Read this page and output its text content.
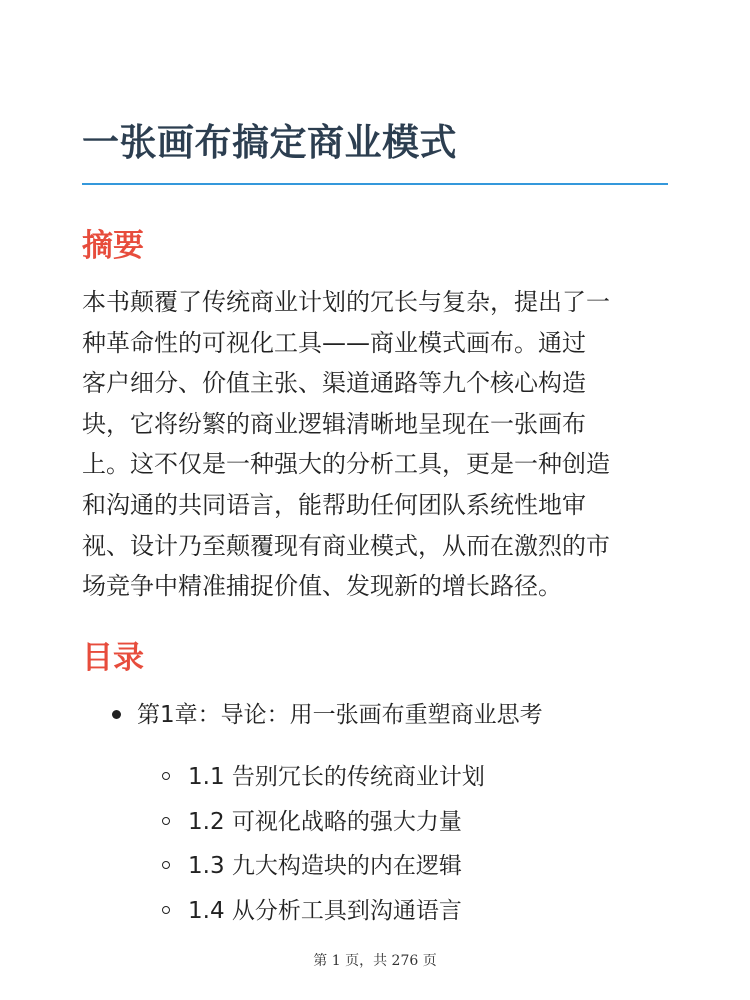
一张画布搞定商业模式
摘要
本书颠覆了传统商业计划的冗长与复杂，提出了一
种革命性的可视化工具——商业模式画布。通过
客户细分、价值主张、渠道通路等九个核心构造
块，它将纷繁的商业逻辑清晰地呈现在一张画布
上。这不仅是一种强大的分析工具，更是一种创造
和沟通的共同语言，能帮助任何团队系统性地审
视、设计乃至颠覆现有商业模式，从而在激烈的市
场竞争中精准捕捉价值、发现新的增长路径。
目录
第1章：导论：用一张画布重塑商业思考
1.1 告别冗长的传统商业计划
1.2 可视化战略的强大力量
1.3 九大构造块的内在逻辑
1.4 从分析工具到沟通语言
第 1 页，共 276 页
